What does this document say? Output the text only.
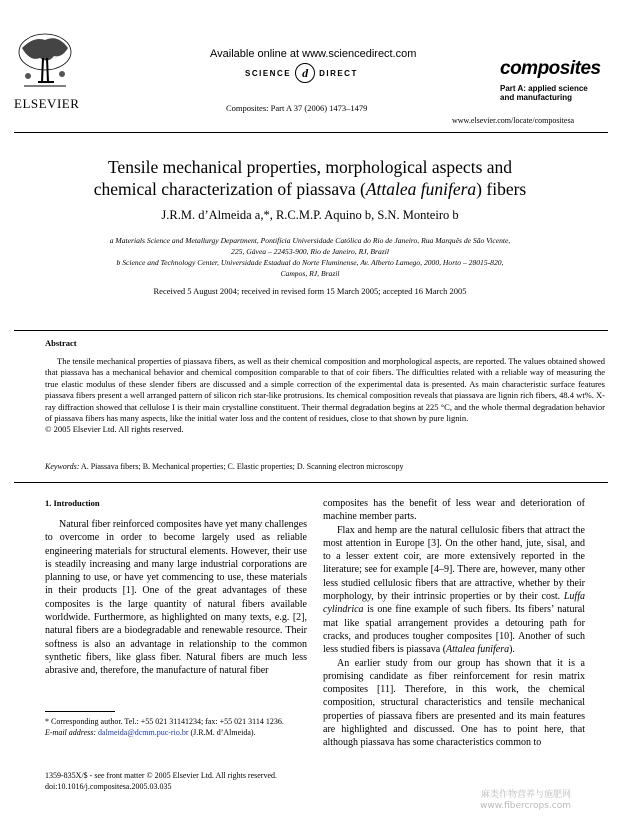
Available online at www.sciencedirect.com
SCIENCE d	DIRECT
Composites: Part A 37 (2006) 1473–1479
ELSEVIER
composites
Part A: applied science
and manufacturing
www.elsevier.com/locate/compositesa
Tensile mechanical properties, morphological aspects and
chemical characterization of piassava (Attalea funifera) fibers
J.R.M. d’Almeida a,*, R.C.M.P. Aquino b, S.N. Monteiro b
a Materials Science and Metallurgy Department, Pontifícia Universidade Católica do Rio de Janeiro, Rua Marquês de São Vicente,
225, Gávea – 22453-900, Rio de Janeiro, RJ, Brazil
b Science and Technology Center, Universidade Estadual do Norte Fluminense, Av. Alberto Lamego, 2000, Horto – 28015-820,
Campos, RJ, Brazil
Received 5 August 2004; received in revised form 15 March 2005; accepted 16 March 2005
Abstract

The tensile mechanical properties of piassava fibers, as well as their chemical composition and morphological aspects, are reported. The values obtained showed that piassava has a mechanical behavior and chemical composition comparable to that of coir fibers. The difficulties related with a reliable way of measuring the true elastic modulus of these slender fibers are discussed and a simple correction of the experimental data is presented. As main characteristic surface features piassava fibers present a well arranged pattern of silicon rich star-like protrusions. Its chemical composition reveals that piassava are lignin rich fibers, 48.4 wt%. X-ray diffraction showed that cellulose I is their main crystalline constituent. Their thermal degradation begins at 225 °C, and the whole thermal degradation behavior of piassava fibers has many aspects, like the initial water loss and the content of residues, close to that shown by pure lignin.

© 2005 Elsevier Ltd. All rights reserved.
Keywords: A. Piassava fibers; B. Mechanical properties; C. Elastic properties; D. Scanning electron microscopy
1. Introduction

Natural fiber reinforced composites have yet many challenges to overcome in order to become largely used as reliable engineering materials for structural elements. However, their use is steadily increasing and many large industrial corporations are planning to use, or have yet commencing to use, these materials in their products [1]. One of the great advantages of these composites is the large quantity of natural fibers available worldwide. Furthermore, as highlighted on many texts, e.g. [2], natural fibers are a biodegradable and renewable resource. Their softness is also an advantage in relationship to the common synthetic fibers, like glass fiber. Natural fibers are much less abrasive and, therefore, the manufacture of natural fiber

composites has the benefit of less wear and deterioration of machine member parts.

Flax and hemp are the natural cellulosic fibers that attract the most attention in Europe [3]. On the other hand, jute, sisal, and to a lesser extent coir, are more extensively reported in the literature; see for example [4–9]. There are, however, many other less studied cellulosic fibers that are attractive, whether by their morphology, by their intrinsic properties or by their cost. Luffa cylindrica is one fine example of such fibers. Its fibers’ natural mat like spatial arrangement provides a detouring path for cracks, and produces tougher composites [10]. Another of such less studied fibers is piassava (Attalea funifera).

An earlier study from our group has shown that it is a promising candidate as fiber reinforcement for resin matrix composites [11]. Therefore, in this work, the chemical composition, structural characteristics and tensile mechanical properties of piassava fibers are presented and its main features are highlighted and discussed. One has to point here, that although piassava has some characteristics common to

* Corresponding author. Tel.: +55 021 31141234; fax: +55 021 3114 1236.
E-mail address: dalmeida@dcmm.puc-rio.br (J.R.M. d’Almeida).
1359-835X/$ - see front matter © 2005 Elsevier Ltd. All rights reserved.
doi:10.1016/j.compositesa.2005.03.035
麻类作物营养与施肥网
www.fibercrops.com
